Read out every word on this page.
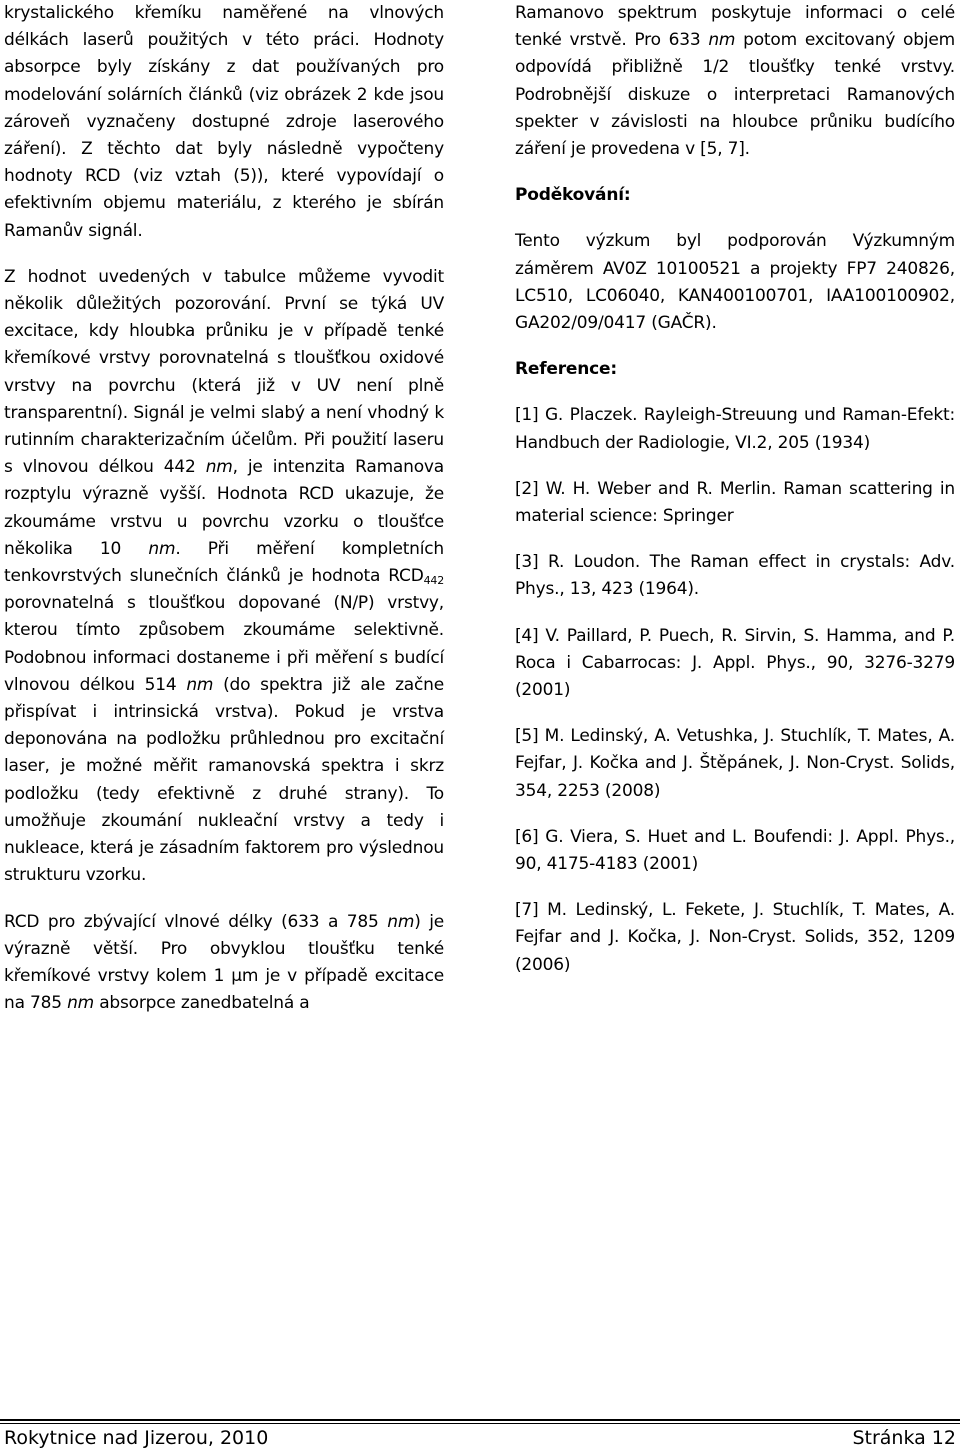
krystalického křemíku naměřené na vlnových délkách laserů použitých v této práci. Hodnoty absorpce byly získány z dat používaných pro modelování solárních článků (viz obrázek 2 kde jsou zároveň vyznačeny dostupné zdroje laserového záření). Z těchto dat byly následně vypočteny hodnoty RCD (viz vztah (5)), které vypovídají o efektivním objemu materiálu, z kterého je sbírán Ramanův signál.

Z hodnot uvedených v tabulce můžeme vyvodit několik důležitých pozorování. První se týká UV excitace, kdy hloubka průniku je v případě tenké křemíkové vrstvy porovnatelná s tloušťkou oxidové vrstvy na povrchu (která již v UV není plně transparentní). Signál je velmi slabý a není vhodný k rutinním charakterizačním účelům. Při použití laseru s vlnovou délkou 442 nm, je intenzita Ramanova rozptylu výrazně vyšší. Hodnota RCD ukazuje, že zkoumáme vrstvu u povrchu vzorku o tloušťce několika 10 nm. Při měření kompletních tenkovrstvých slunečních článků je hodnota $RCD_{442}$ porovnatelná s tloušťkou dopované (N/P) vrstvy, kterou tímto způsobem zkoumáme selektivně. Podobnou informaci dostaneme i při měření s budící vlnovou délkou 514 nm (do spektra již ale začne přispívat i intrinsická vrstva). Pokud je vrstva deponována na podložku průhlednou pro excitační laser, je možné měřit ramanovská spektra i skrz podložku (tedy efektivně z druhé strany). To umožňuje zkoumání nukleační vrstvy a tedy i nukleace, která je zásadním faktorem pro výslednou strukturu vzorku.

RCD pro zbývající vlnové délky (633 a 785 nm) je výrazně větší. Pro obvyklou tloušťku tenké křemíkové vrstvy kolem 1 μm je v případě excitace na 785 nm absorpce zanedbatelná a

Ramanovo spektrum poskytuje informaci o celé tenké vrstvě. Pro 633 nm potom excitovaný objem odpovídá přibližně 1/2 tloušťky tenké vrstvy. Podrobnější diskuze o interpretaci Ramanových spekter v závislosti na hloubce průniku budícího záření je provedena v [5, 7].

Poděkování:

Tento výzkum byl podporován Výzkumným záměrem AV0Z 10100521 a projekty FP7 240826, LC510, LC06040, KAN400100701, IAA100100902, GA202/09/0417 (GAČR).

Reference:

[1] G. Placzek. Rayleigh-Streuung und Raman-Efekt: Handbuch der Radiologie, VI.2, 205 (1934)

[2] W. H. Weber and R. Merlin. Raman scattering in material science: Springer

[3] R. Loudon. The Raman effect in crystals: Adv. Phys., 13, 423 (1964).

[4] V. Paillard, P. Puech, R. Sirvin, S. Hamma, and P. Roca i Cabarrocas: J. Appl. Phys., 90, 3276-3279 (2001)

[5] M. Ledinský, A. Vetushka, J. Stuchlík, T. Mates, A. Fejfar, J. Kočka and J. Štěpánek, J. Non-Cryst. Solids, 354, 2253 (2008)

[6] G. Viera, S. Huet and L. Boufendi: J. Appl. Phys., 90, 4175-4183 (2001)

[7] M. Ledinský, L. Fekete, J. Stuchlík, T. Mates, A. Fejfar and J. Kočka, J. Non-Cryst. Solids, 352, 1209 (2006)

Rokytnice nad Jizerou, 2010	Stránka 12
